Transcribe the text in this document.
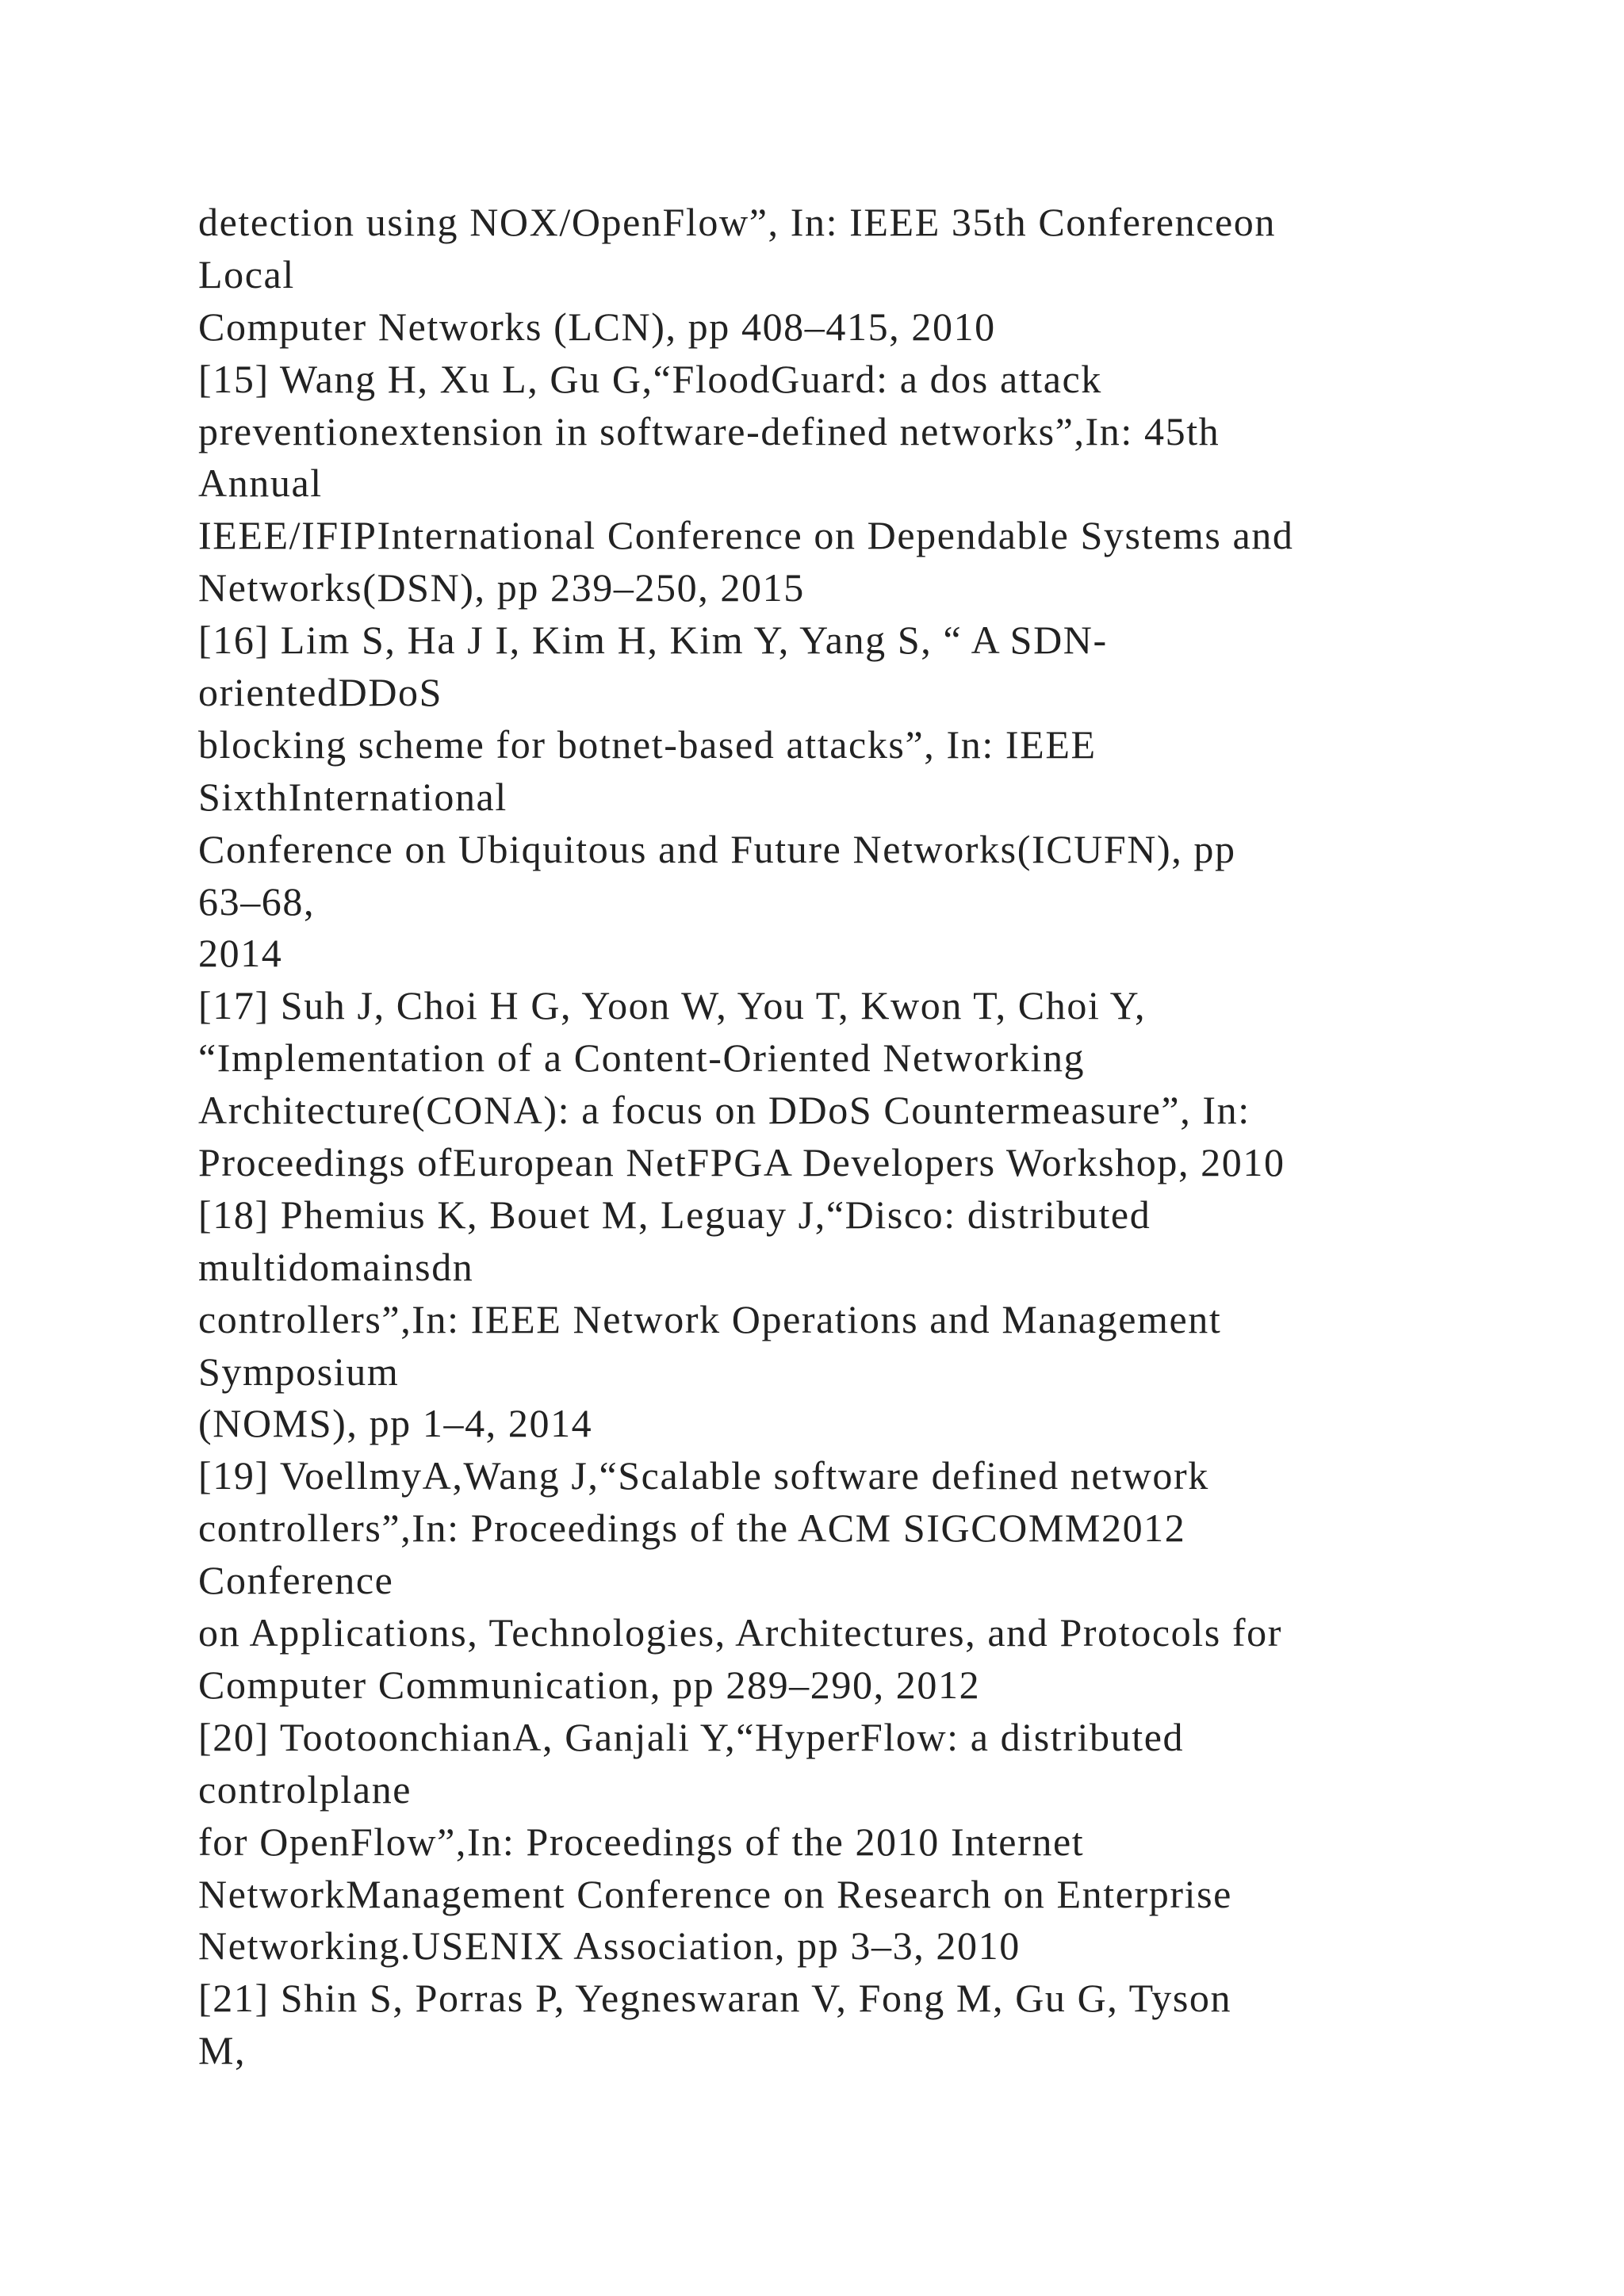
detection using NOX/OpenFlow”, In: IEEE 35th Conferenceon
Local
Computer Networks (LCN), pp 408–415, 2010
[15] Wang H, Xu L, Gu G,“FloodGuard: a dos attack
preventionextension in software-defined networks”,In: 45th
Annual
IEEE/IFIPInternational Conference on Dependable Systems and
Networks(DSN), pp 239–250, 2015
[16] Lim S, Ha J I, Kim H, Kim Y, Yang S, “ A SDN-
orientedDDoS
blocking scheme for botnet-based attacks”, In: IEEE
SixthInternational
Conference on Ubiquitous and Future Networks(ICUFN), pp
63–68,
2014
[17] Suh J, Choi H G, Yoon W, You T, Kwon T, Choi Y,
“Implementation of a Content-Oriented Networking
Architecture(CONA): a focus on DDoS Countermeasure”, In:
Proceedings ofEuropean NetFPGA Developers Workshop, 2010
[18] Phemius K, Bouet M, Leguay J,“Disco: distributed
multidomainsdn
controllers”,In: IEEE Network Operations and Management
Symposium
(NOMS), pp 1–4, 2014
[19] VoellmyA,Wang J,“Scalable software defined network
controllers”,In: Proceedings of the ACM SIGCOMM2012
Conference
on Applications, Technologies, Architectures, and Protocols for
Computer Communication, pp 289–290, 2012
[20] TootoonchianA, Ganjali Y,“HyperFlow: a distributed
controlplane
for OpenFlow”,In: Proceedings of the 2010 Internet
NetworkManagement Conference on Research on Enterprise
Networking.USENIX Association, pp 3–3, 2010
[21] Shin S, Porras P, Yegneswaran V, Fong M, Gu G, Tyson
M,
